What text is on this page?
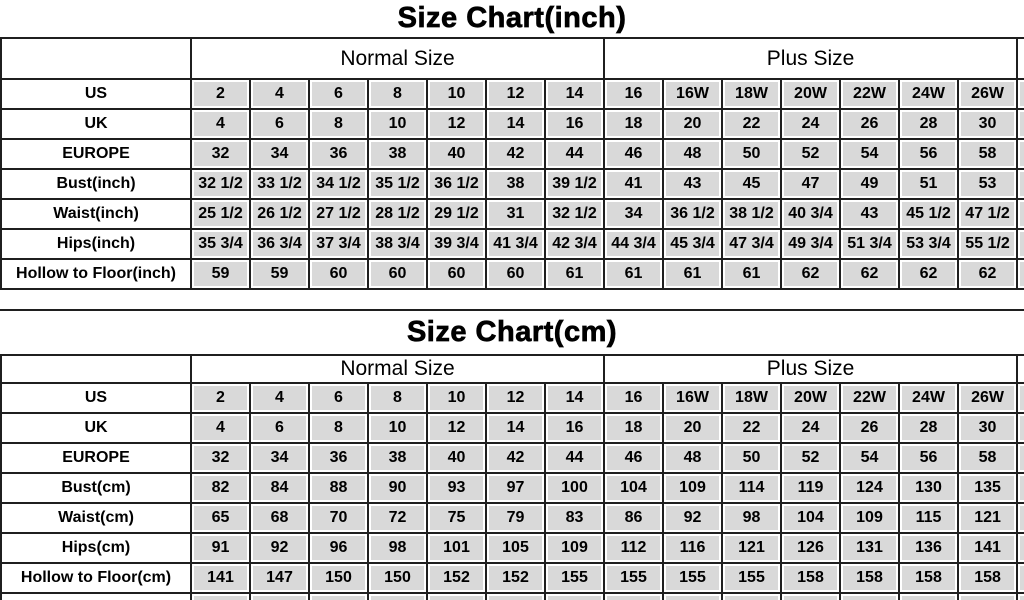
Size Chart(inch)
	Normal Size							Plus Size							
US	2	4	6	8	10	12	14	16	16W	18W	20W	22W	24W	26W	
UK	4	6	8	10	12	14	16	18	20	22	24	26	28	30	
EUROPE	32	34	36	38	40	42	44	46	48	50	52	54	56	58	
Bust(inch)	32 1/2	33 1/2	34 1/2	35 1/2	36 1/2	38	39 1/2	41	43	45	47	49	51	53	
Waist(inch)	25 1/2	26 1/2	27 1/2	28 1/2	29 1/2	31	32 1/2	34	36 1/2	38 1/2	40 3/4	43	45 1/2	47 1/2	
Hips(inch)	35 3/4	36 3/4	37 3/4	38 3/4	39 3/4	41 3/4	42 3/4	44 3/4	45 3/4	47 3/4	49 3/4	51 3/4	53 3/4	55 1/2	
Hollow to Floor(inch)	59	59	60	60	60	60	61	61	61	61	62	62	62	62	
Size Chart(cm)
	Normal Size							Plus Size							
US	2	4	6	8	10	12	14	16	16W	18W	20W	22W	24W	26W	
UK	4	6	8	10	12	14	16	18	20	22	24	26	28	30	
EUROPE	32	34	36	38	40	42	44	46	48	50	52	54	56	58	
Bust(cm)	82	84	88	90	93	97	100	104	109	114	119	124	130	135	
Waist(cm)	65	68	70	72	75	79	83	86	92	98	104	109	115	121	
Hips(cm)	91	92	96	98	101	105	109	112	116	121	126	131	136	141	
Hollow to Floor(cm)	141	147	150	150	152	152	155	155	155	155	158	158	158	158	
